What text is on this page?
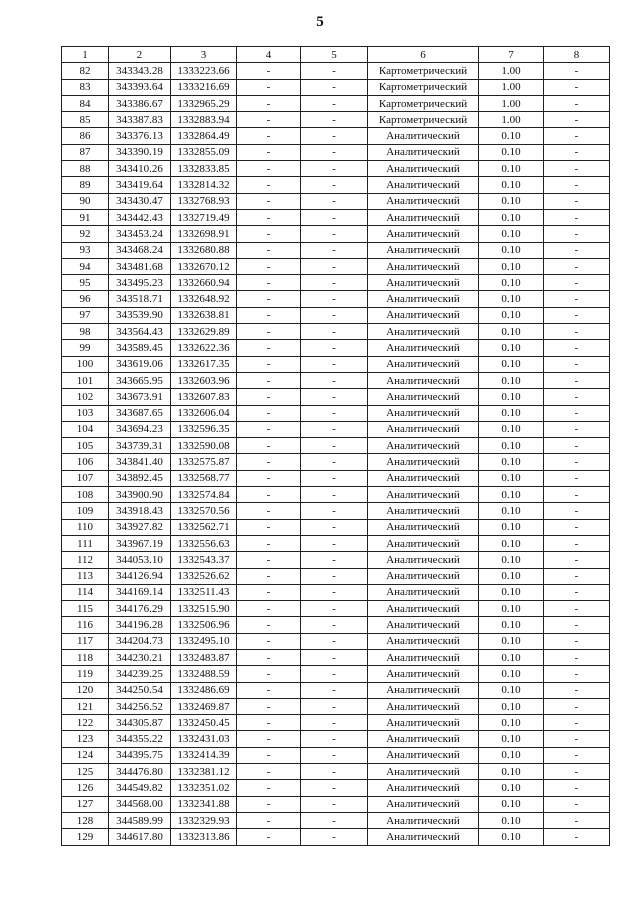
5
1	2	3	4	5	6	7	8
82	343343.28	1333223.66	-	-	Картометрический	1.00	-
83	343393.64	1333216.69	-	-	Картометрический	1.00	-
84	343386.67	1332965.29	-	-	Картометрический	1.00	-
85	343387.83	1332883.94	-	-	Картометрический	1.00	-
86	343376.13	1332864.49	-	-	Аналитический	0.10	-
87	343390.19	1332855.09	-	-	Аналитический	0.10	-
88	343410.26	1332833.85	-	-	Аналитический	0.10	-
89	343419.64	1332814.32	-	-	Аналитический	0.10	-
90	343430.47	1332768.93	-	-	Аналитический	0.10	-
91	343442.43	1332719.49	-	-	Аналитический	0.10	-
92	343453.24	1332698.91	-	-	Аналитический	0.10	-
93	343468.24	1332680.88	-	-	Аналитический	0.10	-
94	343481.68	1332670.12	-	-	Аналитический	0.10	-
95	343495.23	1332660.94	-	-	Аналитический	0.10	-
96	343518.71	1332648.92	-	-	Аналитический	0.10	-
97	343539.90	1332638.81	-	-	Аналитический	0.10	-
98	343564.43	1332629.89	-	-	Аналитический	0.10	-
99	343589.45	1332622.36	-	-	Аналитический	0.10	-
100	343619.06	1332617.35	-	-	Аналитический	0.10	-
101	343665.95	1332603.96	-	-	Аналитический	0.10	-
102	343673.91	1332607.83	-	-	Аналитический	0.10	-
103	343687.65	1332606.04	-	-	Аналитический	0.10	-
104	343694.23	1332596.35	-	-	Аналитический	0.10	-
105	343739.31	1332590.08	-	-	Аналитический	0.10	-
106	343841.40	1332575.87	-	-	Аналитический	0.10	-
107	343892.45	1332568.77	-	-	Аналитический	0.10	-
108	343900.90	1332574.84	-	-	Аналитический	0.10	-
109	343918.43	1332570.56	-	-	Аналитический	0.10	-
110	343927.82	1332562.71	-	-	Аналитический	0.10	-
111	343967.19	1332556.63	-	-	Аналитический	0.10	-
112	344053.10	1332543.37	-	-	Аналитический	0.10	-
113	344126.94	1332526.62	-	-	Аналитический	0.10	-
114	344169.14	1332511.43	-	-	Аналитический	0.10	-
115	344176.29	1332515.90	-	-	Аналитический	0.10	-
116	344196.28	1332506.96	-	-	Аналитический	0.10	-
117	344204.73	1332495.10	-	-	Аналитический	0.10	-
118	344230.21	1332483.87	-	-	Аналитический	0.10	-
119	344239.25	1332488.59	-	-	Аналитический	0.10	-
120	344250.54	1332486.69	-	-	Аналитический	0.10	-
121	344256.52	1332469.87	-	-	Аналитический	0.10	-
122	344305.87	1332450.45	-	-	Аналитический	0.10	-
123	344355.22	1332431.03	-	-	Аналитический	0.10	-
124	344395.75	1332414.39	-	-	Аналитический	0.10	-
125	344476.80	1332381.12	-	-	Аналитический	0.10	-
126	344549.82	1332351.02	-	-	Аналитический	0.10	-
127	344568.00	1332341.88	-	-	Аналитический	0.10	-
128	344589.99	1332329.93	-	-	Аналитический	0.10	-
129	344617.80	1332313.86	-	-	Аналитический	0.10	-
